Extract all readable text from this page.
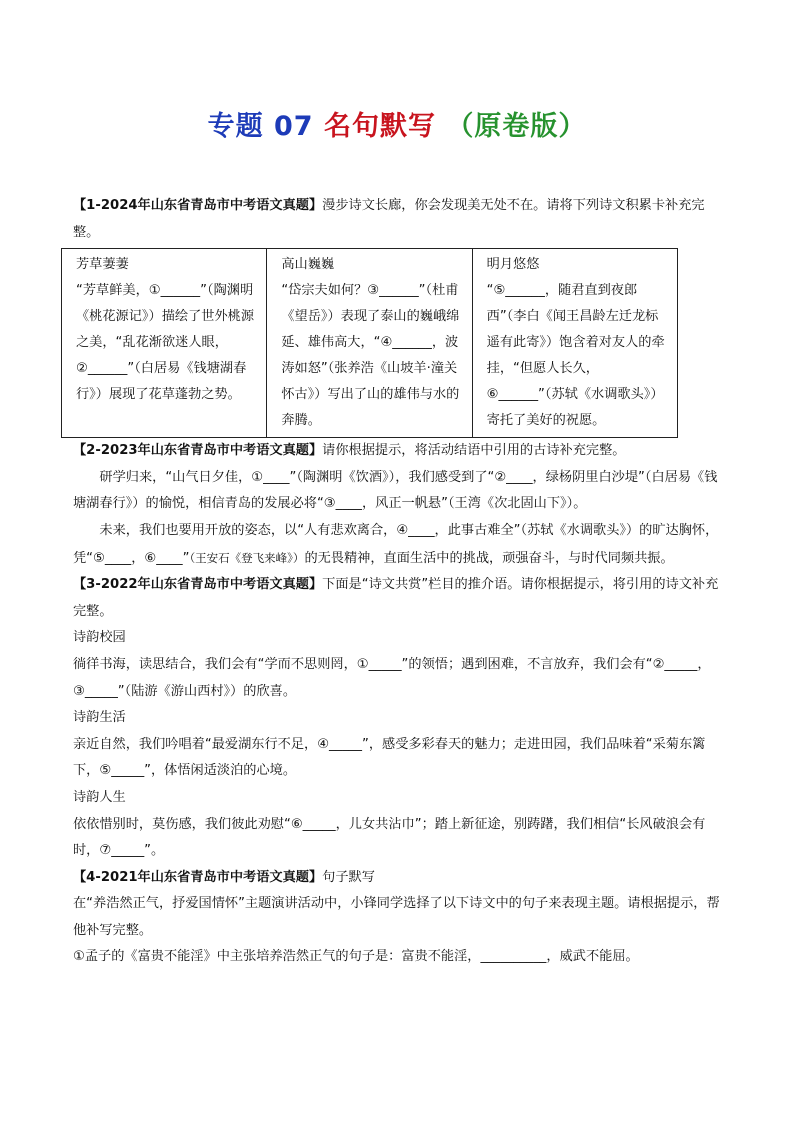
专题 07 名句默写 （原卷版）

【1-2024年山东省青岛市中考语文真题】漫步诗文长廊，你会发现美无处不在。请将下列诗文积累卡补充完整。

芳草萋萋
“芳草鲜美，①______”（陶渊明《桃花源记》）描绘了世外桃源之美，“乱花渐欲迷人眼，②______”（白居易《钱塘湖春行》）展现了花草蓬勃之势。	
高山巍巍
“岱宗夫如何？③______”（杜甫《望岳》）表现了泰山的巍峨绵延、雄伟高大，“④______，波涛如怒”（张养浩《山坡羊·潼关怀古》）写出了山的雄伟与水的奔腾。	
明月悠悠
“⑤______，随君直到夜郎西”（李白《闻王昌龄左迁龙标遥有此寄》）饱含着对友人的牵挂，“但愿人长久，⑥______”（苏轼《水调歌头》）寄托了美好的祝愿。

【2-2023年山东省青岛市中考语文真题】请你根据提示，将活动结语中引用的古诗补充完整。

研学归来，“山气日夕佳，①____”（陶渊明《饮酒》），我们感受到了“②____，绿杨阴里白沙堤”（白居易《钱塘湖春行》）的愉悦，相信青岛的发展必将“③____，风正一帆悬”（王湾《次北固山下》）。

未来，我们也要用开放的姿态，以“人有悲欢离合，④____，此事古难全”（苏轼《水调歌头》）的旷达胸怀，凭“⑤____，⑥____”（王安石《登飞来峰》）的无畏精神，直面生活中的挑战，顽强奋斗，与时代同频共振。

【3-2022年山东省青岛市中考语文真题】下面是“诗文共赏”栏目的推介语。请你根据提示，将引用的诗文补充完整。

诗韵校园

徜徉书海，读思结合，我们会有“学而不思则罔，①_____”的领悟；遇到困难，不言放弃，我们会有“②_____，③_____”（陆游《游山西村》）的欣喜。

诗韵生活

亲近自然，我们吟唱着“最爱湖东行不足，④_____”，感受多彩春天的魅力；走进田园，我们品味着“采菊东篱下，⑤_____”，体悟闲适淡泊的心境。

诗韵人生

依依惜别时，莫伤感，我们彼此劝慰“⑥_____，儿女共沾巾”；踏上新征途，别踌躇，我们相信“长风破浪会有时，⑦_____”。

【4-2021年山东省青岛市中考语文真题】句子默写

在“养浩然正气，抒爱国情怀”主题演讲活动中，小锋同学选择了以下诗文中的句子来表现主题。请根据提示，帮他补写完整。

①孟子的《富贵不能淫》中主张培养浩然正气的句子是：富贵不能淫，__________，威武不能屈。
